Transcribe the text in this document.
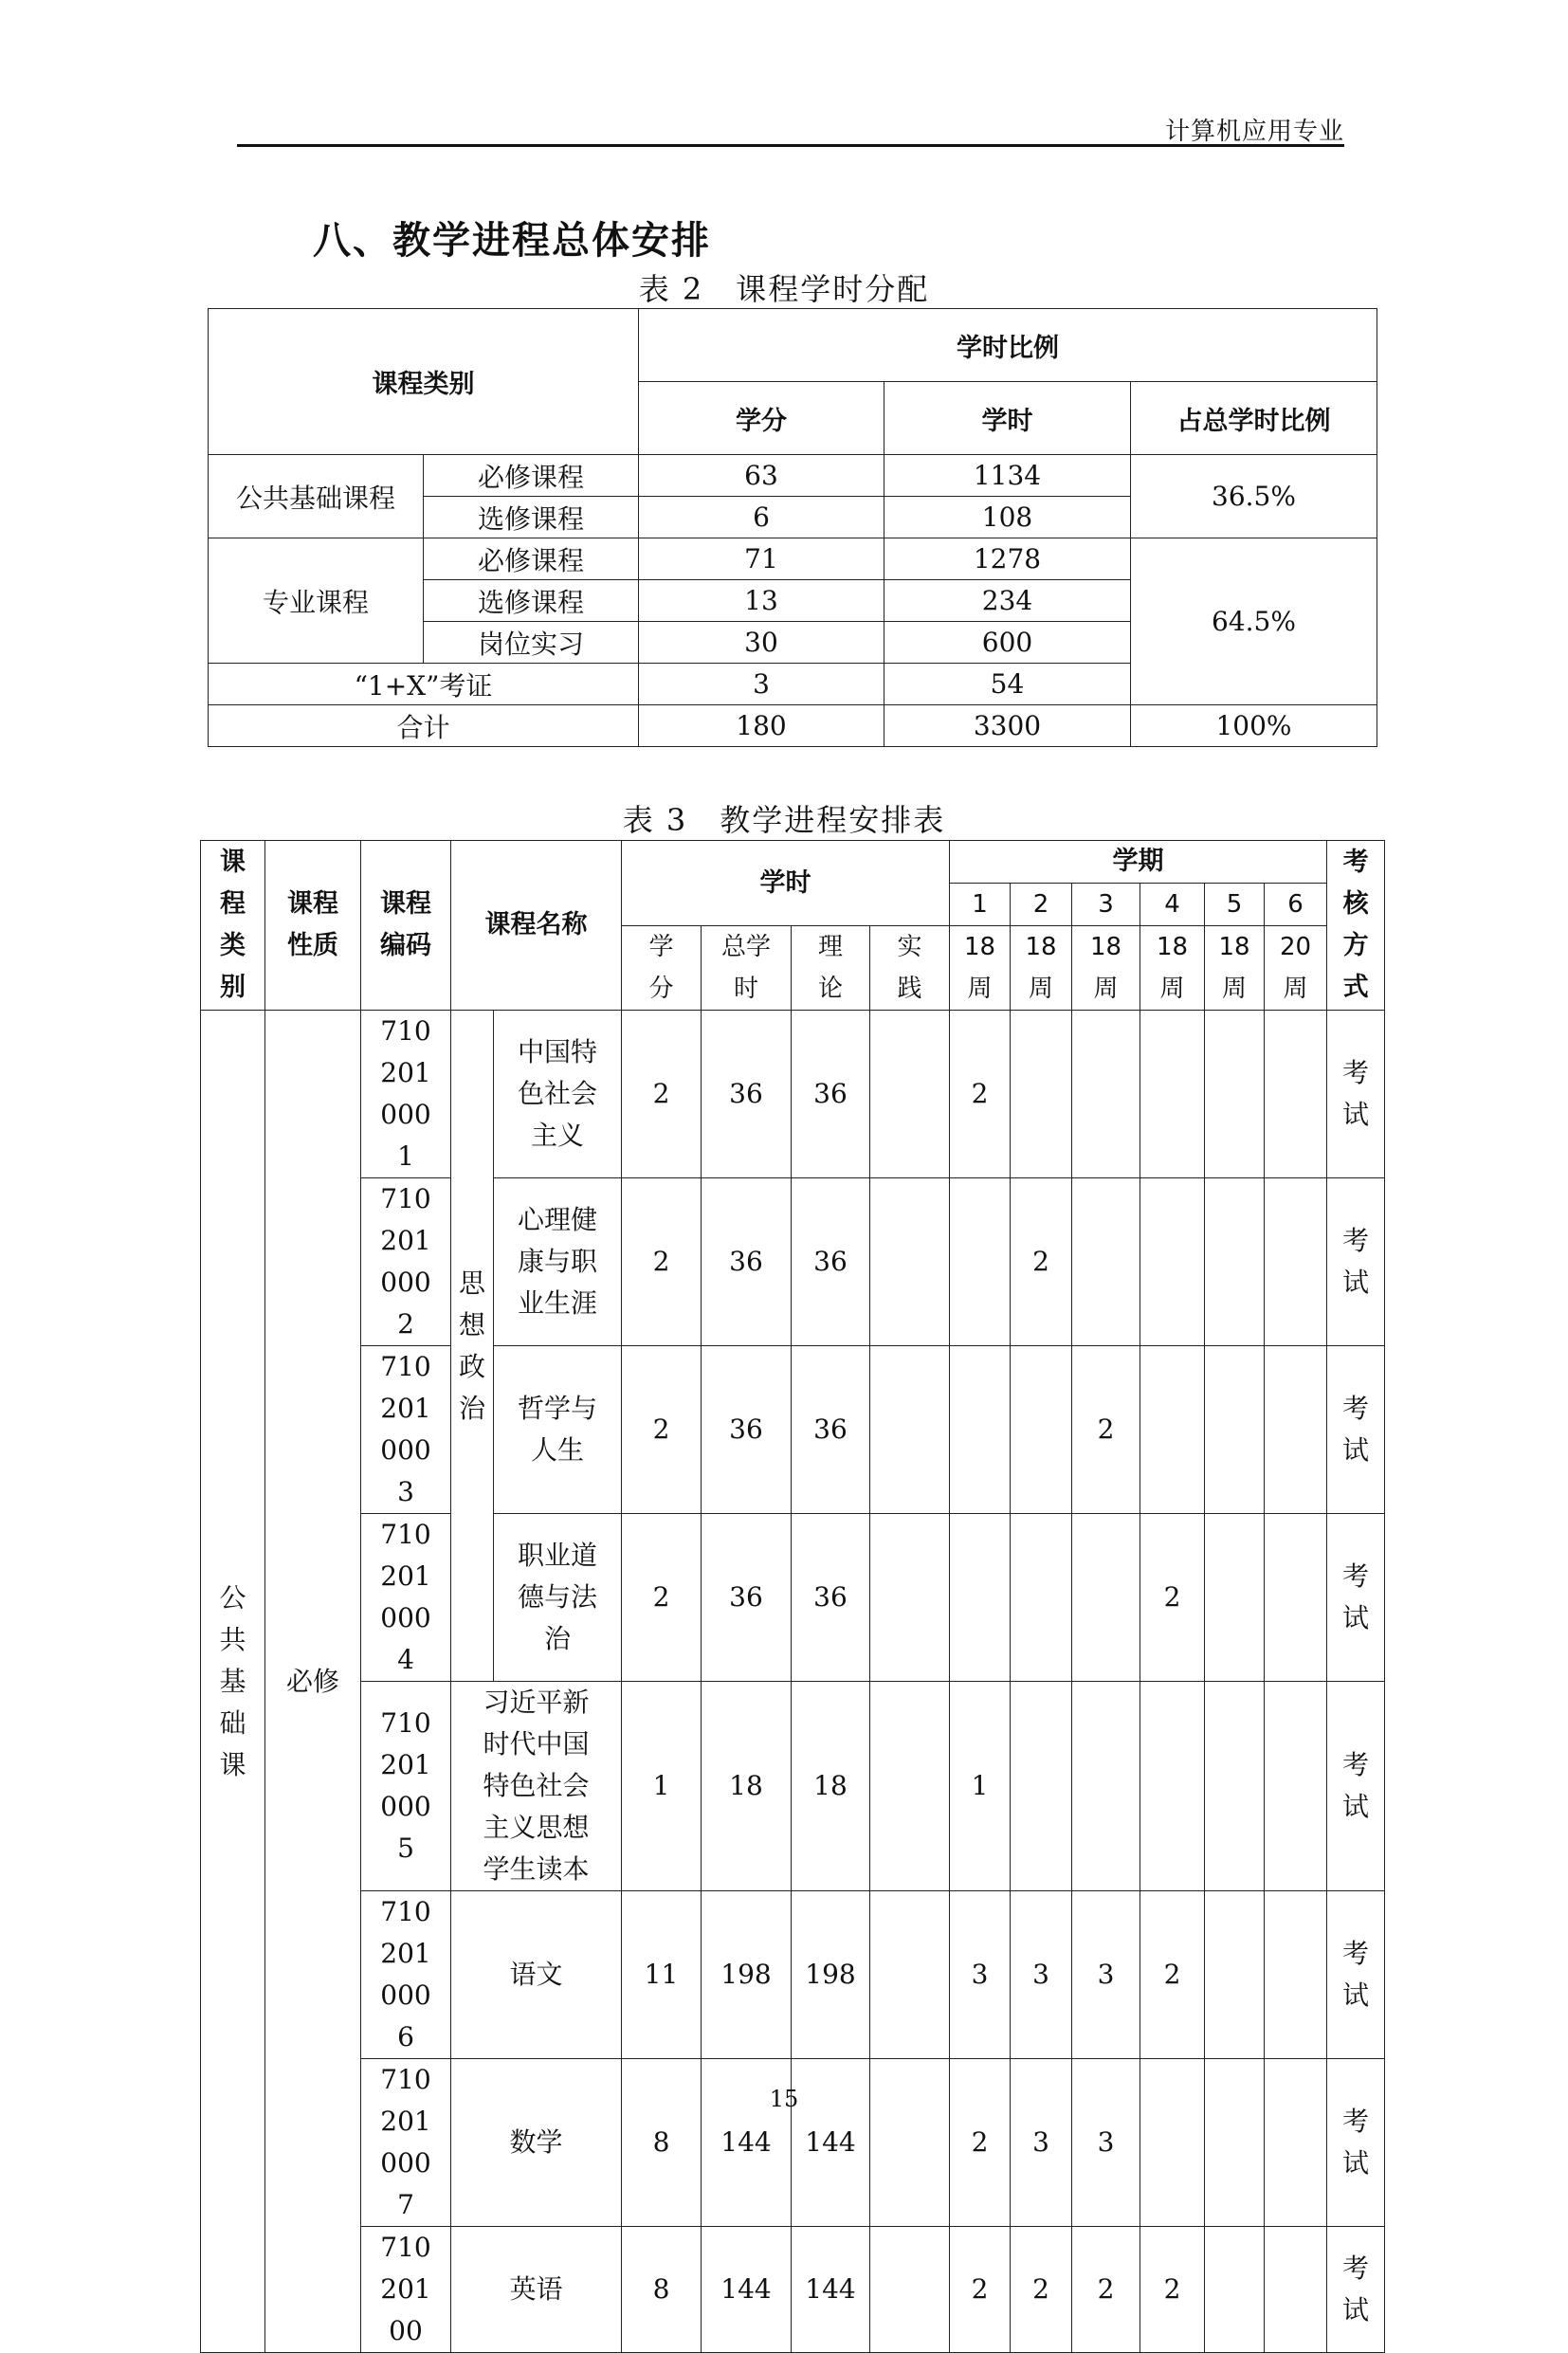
计算机应用专业
八、教学进程总体安排
表 2　课程学时分配
课程类别		学时比例		
		学分	学时	占总学时比例
公共基础课程	必修课程	63	1134	36.5%
	选修课程	6	108	
专业课程	必修课程	71	1278	64.5%
	选修课程	13	234	
	岗位实习	30	600	
“1+X”考证		3	54	
合计		180	3300	100%
表 3　教学进程安排表
课程类别	课程性质	课程编码	课程名称		学时				学期						考核方式
									1	2	3	4	5	6	
					学分	总学时	理论	实践	18周	18周	18周	18周	18周	20周	

公共基础课	必修	710201000 1	思想政治	中国特色社会主义	2	36	36		2						考试
		710201000 2		心理健康与职业生涯	2	36	36			2					考试
		710201000 3		哲学与人生	2	36	36				2				考试
		710201000 4		职业道德与法治	2	36	36					2			考试
		710201000 5	习近平新时代中国特色社会主义思想学生读本		1	18	18		1						考试
		710201000 6	语文		11	198	198		3	3	3	2			考试
		710201000 7	数学		8	144	144		2	3	3				考试
		71020100	英语		8	144	144		2	2	2	2			考试
15
